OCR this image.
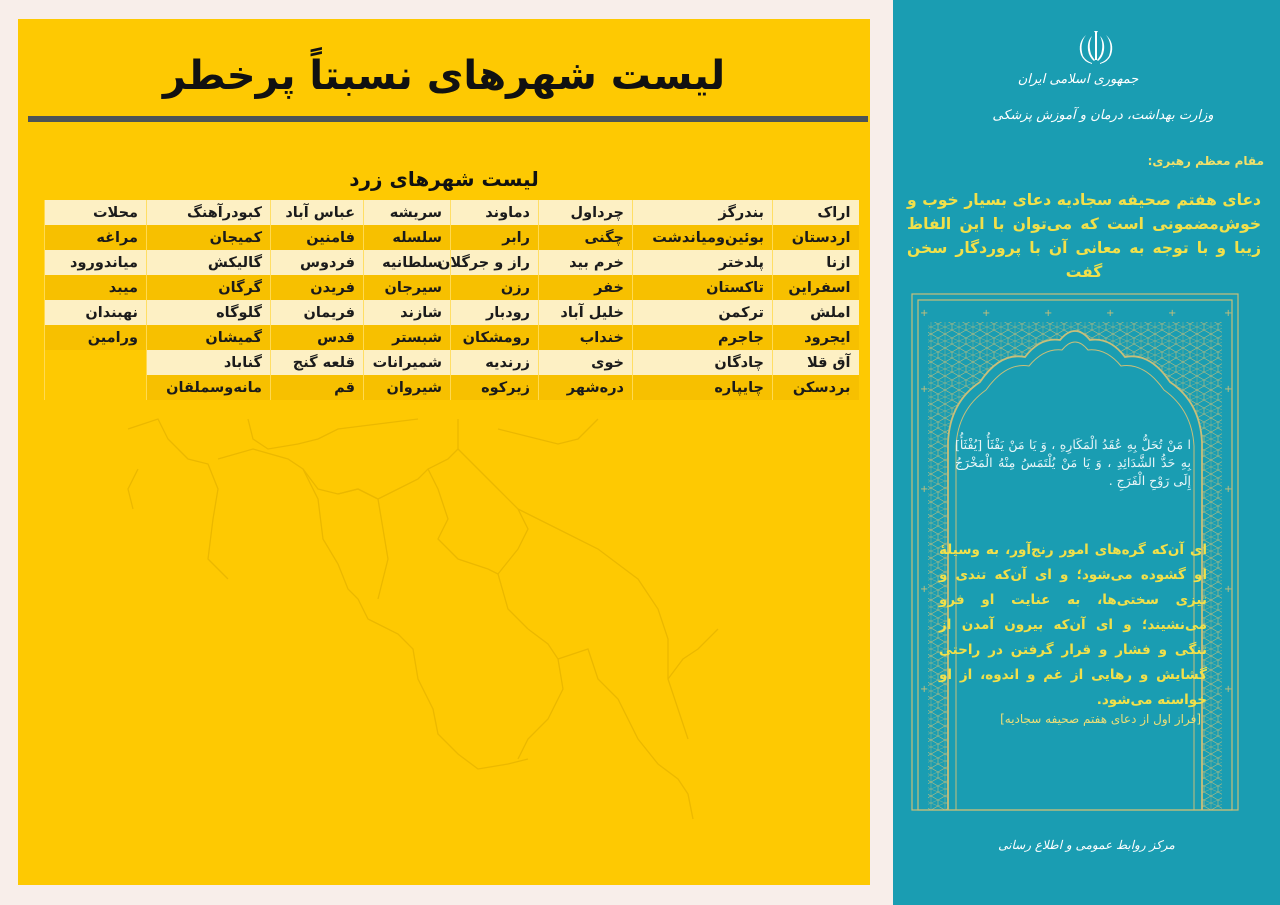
لیست شهرهای نسبتاً پرخطر
لیست شهرهای زرد
اراک	بندرگز	چرداول	دماوند	سریشه	عباس آباد	کبودرآهنگ	محلات
اردستان	بوئین‌ومیاندشت	چگنی	رابر	سلسله	فامنین	کمیجان	مراغه
ازنا	پلدختر	خرم بید	راز و جرگلان	سلطانیه	فردوس	گالیکش	میاندورود
اسفراین	تاکستان	خفر	رزن	سیرجان	فریدن	گرگان	میبد
املش	ترکمن	خلیل آباد	رودبار	شازند	فریمان	گلوگاه	نهبندان
ایجرود	جاجرم	خنداب	رومشکان	شبستر	قدس	گمیشان	ورامین
آق قلا	چادگان	خوی	زرندیه	شمیرانات	قلعه گنج	گناباد	
بردسکن	چایپاره	دره‌شهر	زیرکوه	شیروان	قم	مانه‌وسملقان	
جمهوری اسلامی ایران
وزارت بهداشت، درمان و آموزش پزشکی
مقام معظم رهبری:
دعای هفتم صحیفه سجادیه دعای بسیار خوب و خوش‌مضمونی است که می‌توان با این الفاظ زیبا و با توجه به معانی آن با پروردگار سخن گفت
+	+	+	+	+	+
+	+
+	+
+	+
+	+
ا مَنْ تُحَلُّ بِهِ عُقَدُ الْمَكَارِهِ ، وَ يَا مَنْ يَفْثَأُ [يُفْثَأُ] بِهِ حَدُّ الشَّدَائِدِ ، وَ يَا مَنْ يُلْتَمَسُ مِنْهُ الْمَخْرَجُ إِلَى رَوْحِ الْفَرَجِ .
ای آن‌که گره‌های امور رنج‌آور، به وسیلهٔ او گشوده می‌شود؛ و ای آن‌که تندی و تیزی سختی‌ها، به عنایت او فرو می‌نشیند؛ و ای آن‌که بیرون آمدن از تنگی و فشار و قرار گرفتن در راحتی گشایش و رهایی از غم و اندوه، از او خواسته می‌شود.
[فراز اول از دعای هفتم صحیفه سجادیه]
مرکز روابط عمومی و اطلاع رسانی
